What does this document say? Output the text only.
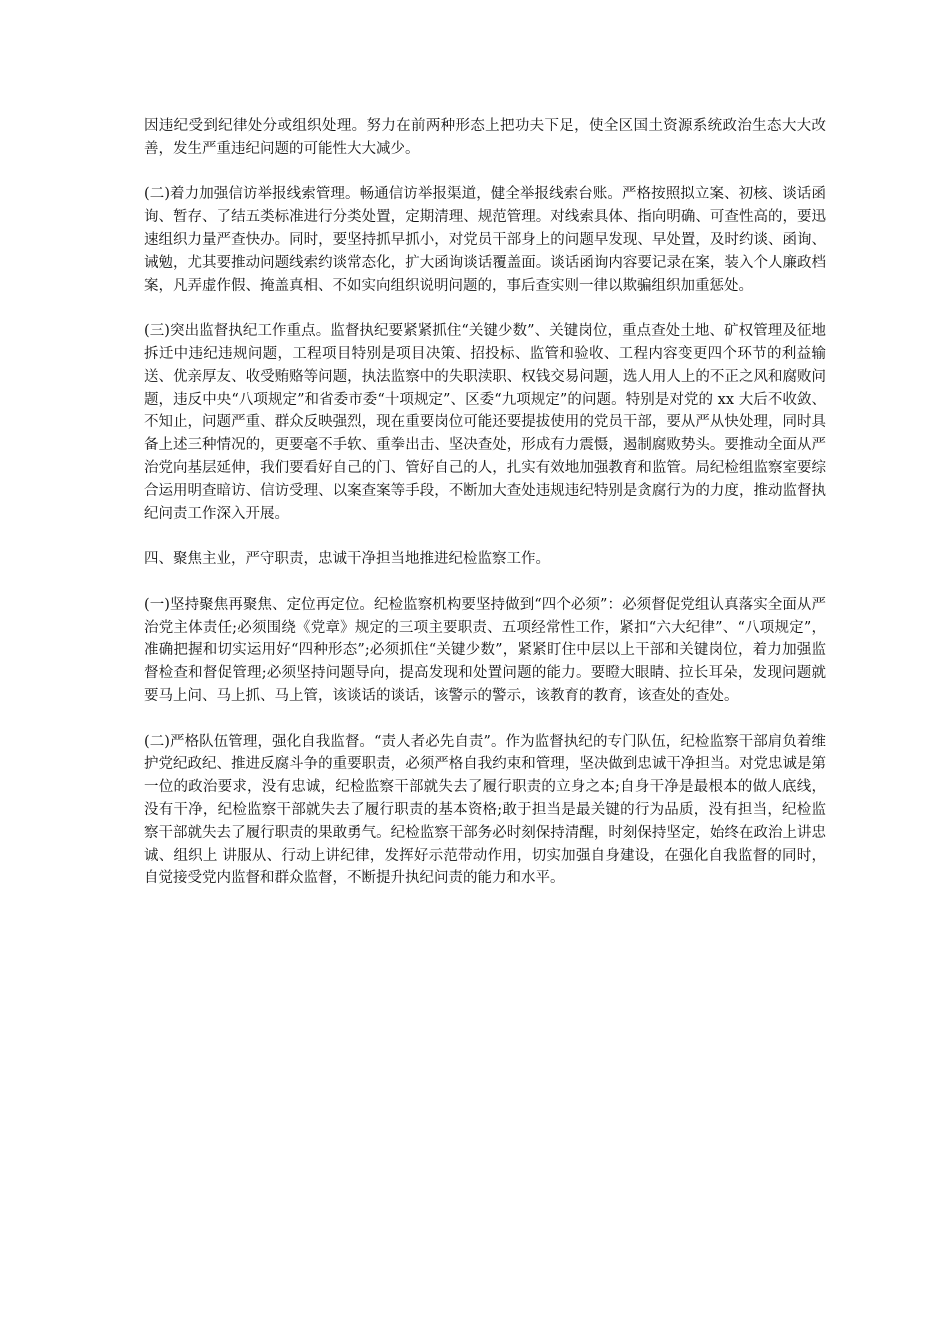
因违纪受到纪律处分或组织处理。努力在前两种形态上把功夫下足，使全区国土资源系统政治生态大大改善，发生严重违纪问题的可能性大大减少。

(二)着力加强信访举报线索管理。畅通信访举报渠道，健全举报线索台账。严格按照拟立案、初核、谈话函询、暂存、了结五类标准进行分类处置，定期清理、规范管理。对线索具体、指向明确、可查性高的，要迅速组织力量严查快办。同时，要坚持抓早抓小，对党员干部身上的问题早发现、早处置，及时约谈、函询、诫勉，尤其要推动问题线索约谈常态化，扩大函询谈话覆盖面。谈话函询内容要记录在案，装入个人廉政档案，凡弄虚作假、掩盖真相、不如实向组织说明问题的，事后查实则一律以欺骗组织加重惩处。

(三)突出监督执纪工作重点。监督执纪要紧紧抓住“关键少数”、关键岗位，重点查处土地、矿权管理及征地拆迁中违纪违规问题，工程项目特别是项目决策、招投标、监管和验收、工程内容变更四个环节的利益输送、优亲厚友、收受贿赂等问题，执法监察中的失职渎职、权钱交易问题，选人用人上的不正之风和腐败问题，违反中央“八项规定”和省委市委“十项规定”、区委“九项规定”的问题。特别是对党的 xx 大后不收敛、不知止，问题严重、群众反映强烈，现在重要岗位可能还要提拔使用的党员干部，要从严从快处理，同时具备上述三种情况的，更要毫不手软、重拳出击、坚决查处，形成有力震慑，遏制腐败势头。要推动全面从严治党向基层延伸，我们要看好自己的门、管好自己的人，扎实有效地加强教育和监管。局纪检组监察室要综合运用明查暗访、信访受理、以案查案等手段，不断加大查处违规违纪特别是贪腐行为的力度，推动监督执纪问责工作深入开展。

四、聚焦主业，严守职责，忠诚干净担当地推进纪检监察工作。

(一)坚持聚焦再聚焦、定位再定位。纪检监察机构要坚持做到“四个必须”：必须督促党组认真落实全面从严治党主体责任;必须围绕《党章》规定的三项主要职责、五项经常性工作，紧扣“六大纪律”、“八项规定”，准确把握和切实运用好“四种形态”;必须抓住“关键少数”，紧紧盯住中层以上干部和关键岗位，着力加强监督检查和督促管理;必须坚持问题导向，提高发现和处置问题的能力。要瞪大眼睛、拉长耳朵，发现问题就要马上问、马上抓、马上管，该谈话的谈话，该警示的警示，该教育的教育，该查处的查处。

(二)严格队伍管理，强化自我监督。“责人者必先自责”。作为监督执纪的专门队伍，纪检监察干部肩负着维护党纪政纪、推进反腐斗争的重要职责，必须严格自我约束和管理，坚决做到忠诚干净担当。对党忠诚是第一位的政治要求，没有忠诚，纪检监察干部就失去了履行职责的立身之本;自身干净是最根本的做人底线，没有干净，纪检监察干部就失去了履行职责的基本资格;敢于担当是最关键的行为品质，没有担当，纪检监察干部就失去了履行职责的果敢勇气。纪检监察干部务必时刻保持清醒，时刻保持坚定，始终在政治上讲忠诚、组织上 讲服从、行动上讲纪律，发挥好示范带动作用，切实加强自身建设，在强化自我监督的同时， 自觉接受党内监督和群众监督，不断提升执纪问责的能力和水平。
